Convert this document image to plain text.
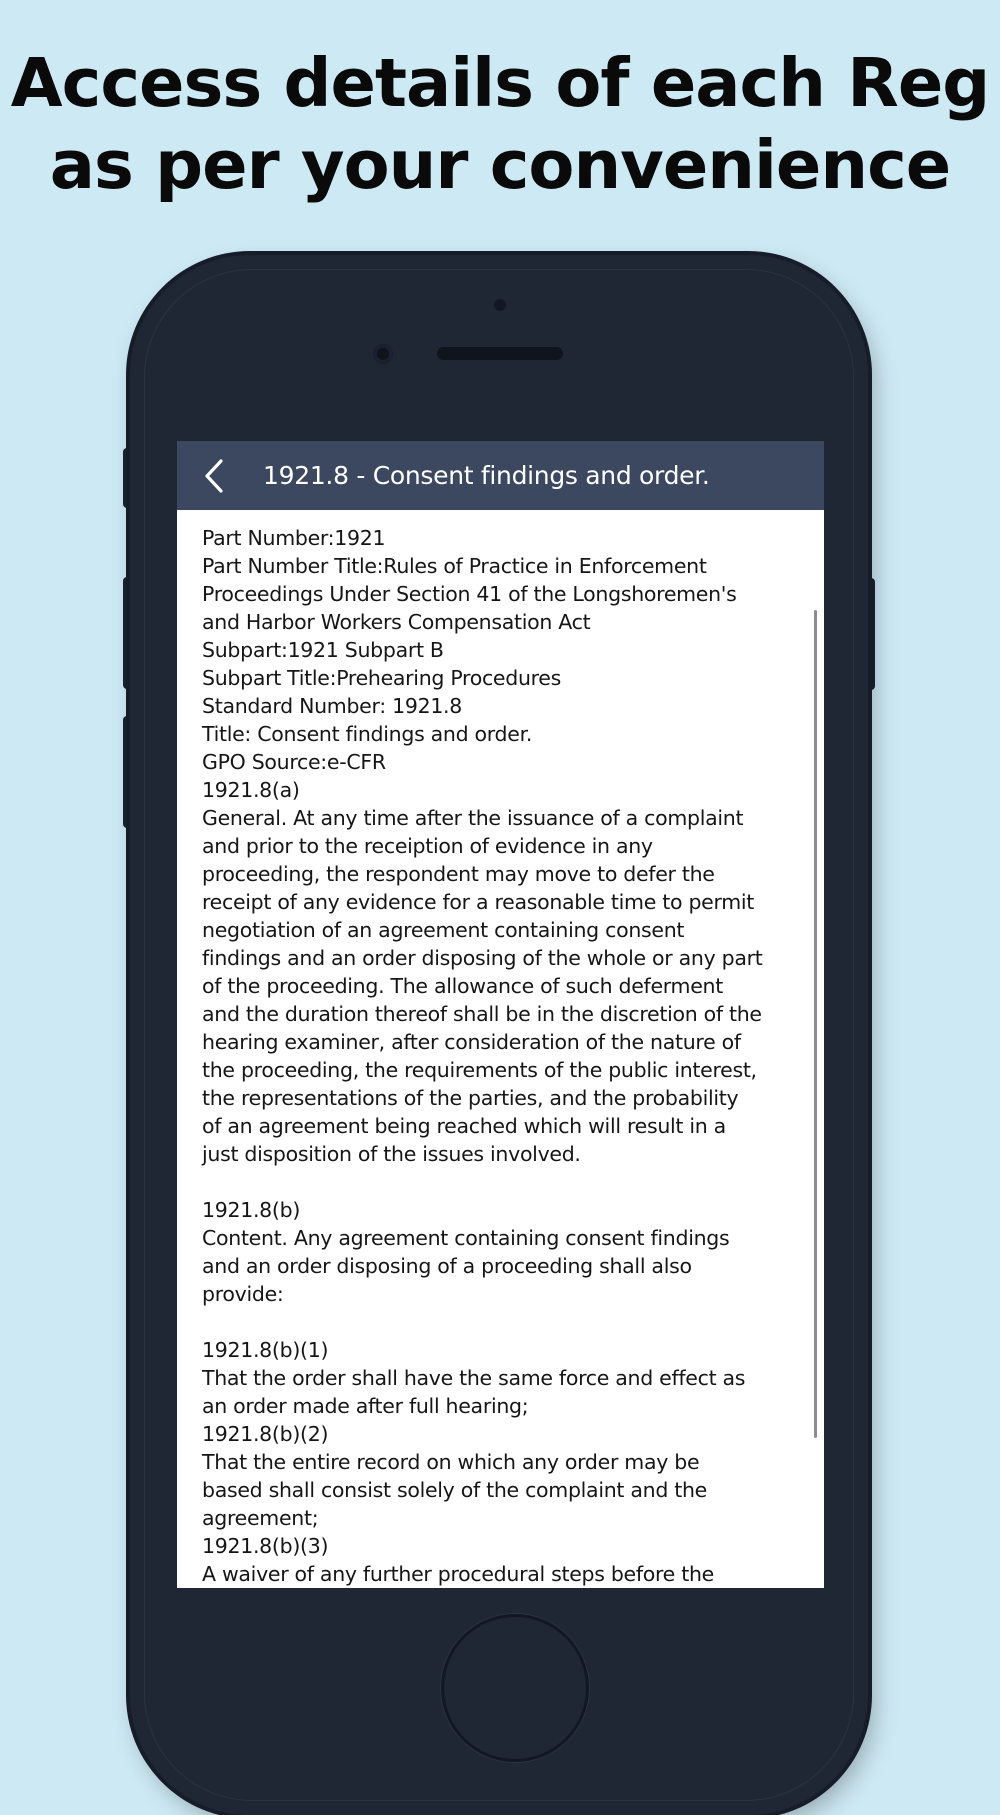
Access details of each Reg
as per your convenience
1921.8 - Consent findings and order.
Part Number:1921
Part Number Title:Rules of Practice in Enforcement
Proceedings Under Section 41 of the Longshoremen's
and Harbor Workers Compensation Act
Subpart:1921 Subpart B
Subpart Title:Prehearing Procedures
Standard Number: 1921.8
Title: Consent findings and order.
GPO Source:e-CFR
1921.8(a)
General. At any time after the issuance of a complaint
and prior to the receiption of evidence in any
proceeding, the respondent may move to defer the
receipt of any evidence for a reasonable time to permit
negotiation of an agreement containing consent
findings and an order disposing of the whole or any part
of the proceeding. The allowance of such deferment
and the duration thereof shall be in the discretion of the
hearing examiner, after consideration of the nature of
the proceeding, the requirements of the public interest,
the representations of the parties, and the probability
of an agreement being reached which will result in a
just disposition of the issues involved.
1921.8(b)
Content. Any agreement containing consent findings
and an order disposing of a proceeding shall also
provide:
1921.8(b)(1)
That the order shall have the same force and effect as
an order made after full hearing;
1921.8(b)(2)
That the entire record on which any order may be
based shall consist solely of the complaint and the
agreement;
1921.8(b)(3)
A waiver of any further procedural steps before the
